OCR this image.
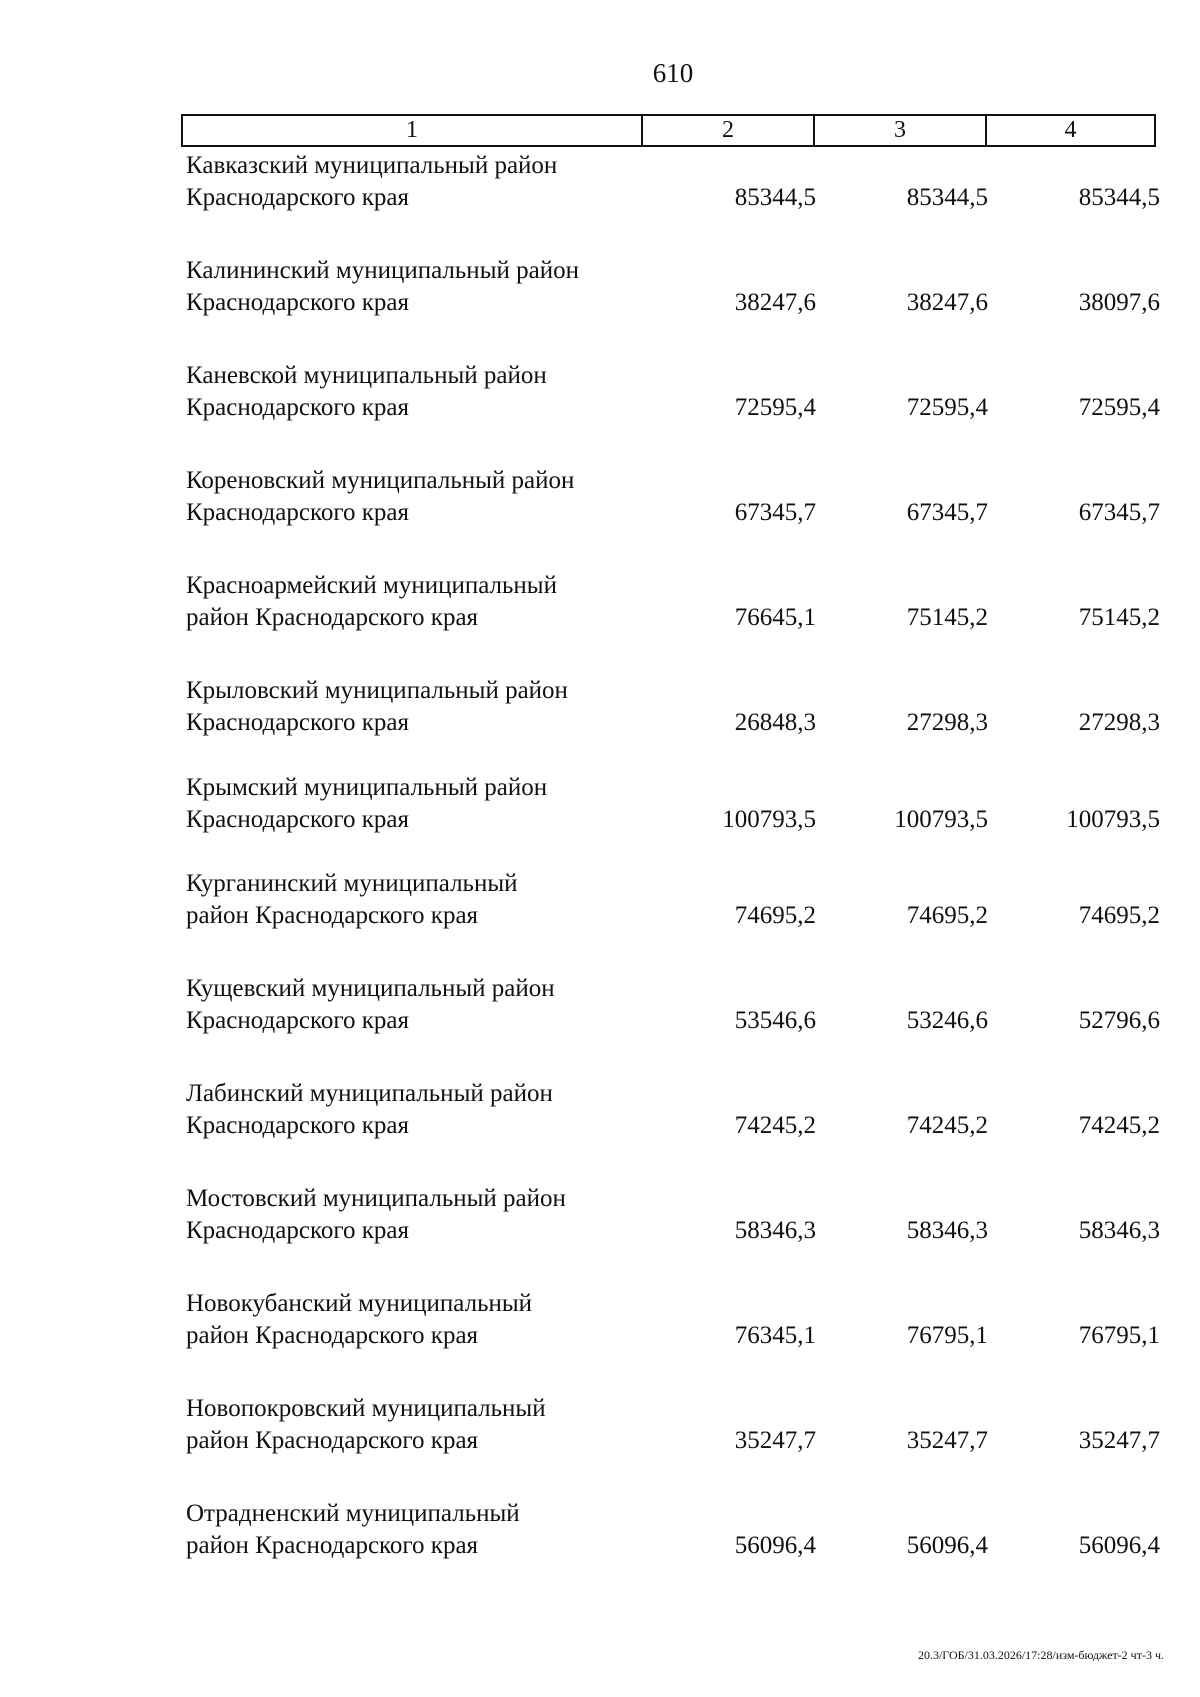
610
1	2	3	4
Кавказский муниципальный район
Краснодарского края	85344,5	85344,5	85344,5
Калининский муниципальный район
Краснодарского края	38247,6	38247,6	38097,6
Каневской муниципальный район
Краснодарского края	72595,4	72595,4	72595,4
Кореновский муниципальный район
Краснодарского края	67345,7	67345,7	67345,7
Красноармейский муниципальный
район Краснодарского края	76645,1	75145,2	75145,2
Крыловский муниципальный район
Краснодарского края	26848,3	27298,3	27298,3
Крымский муниципальный район
Краснодарского края	100793,5	100793,5	100793,5
Курганинский муниципальный
район Краснодарского края	74695,2	74695,2	74695,2
Кущевский муниципальный район
Краснодарского края	53546,6	53246,6	52796,6
Лабинский муниципальный район
Краснодарского края	74245,2	74245,2	74245,2
Мостовский муниципальный район
Краснодарского края	58346,3	58346,3	58346,3
Новокубанский муниципальный
район Краснодарского края	76345,1	76795,1	76795,1
Новопокровский муниципальный
район Краснодарского края	35247,7	35247,7	35247,7
Отрадненский муниципальный
район Краснодарского края	56096,4	56096,4	56096,4
20.3/ГОБ/31.03.2026/17:28/изм-бюджет-2 чт-3 ч.
